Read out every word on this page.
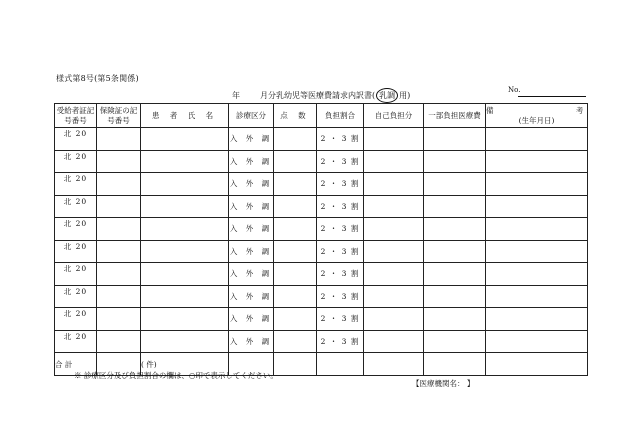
様式第8号(第5条関係)
年	月分乳幼児等医療費請求内訳書( 乳調 用)
No.
受給者証記号番号	保険証の記号番号	患 者 氏 名	診療区分	点 数	負担割合	自己負担分	一部負担医療費	備 考
(生年月日)
北 20			入 外 調		2 ・ 3 割			
北 20			入 外 調		2 ・ 3 割			
北 20			入 外 調		2 ・ 3 割			
北 20			入 外 調		2 ・ 3 割			
北 20			入 外 調		2 ・ 3 割			
北 20			入 外 調		2 ・ 3 割			
北 20			入 外 調		2 ・ 3 割			
北 20			入 外 調		2 ・ 3 割			
北 20			入 外 調		2 ・ 3 割			
北 20			入 外 調		2 ・ 3 割			
合 計		( 件)						
※ 診療区分及び負担割合の欄は、○印で表示してください。
【医療機関名： 】
